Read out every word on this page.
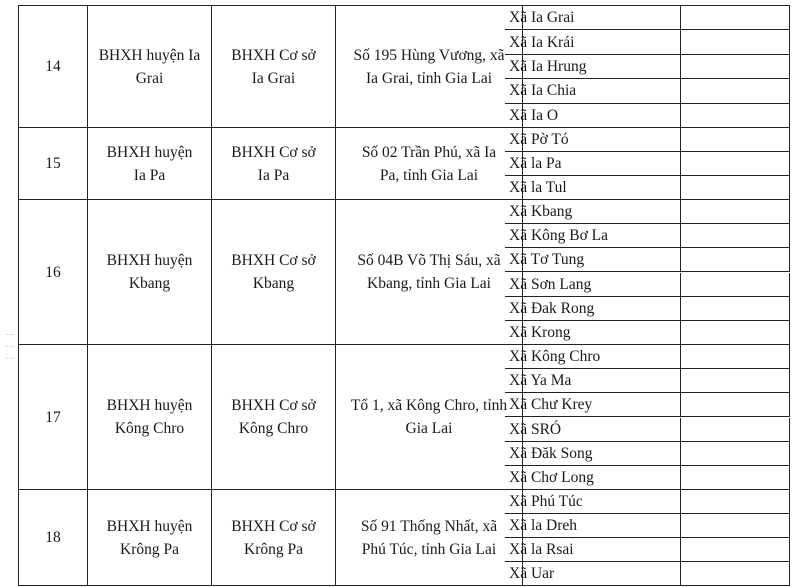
14
BHXH huyện Ia
Grai
BHXH Cơ sở
Ia Grai
Số 195 Hùng Vương, xã
Ia Grai, tỉnh Gia Lai
Xã Ia Grai
Xã Ia Krái
Xã Ia Hrung
Xã Ia Chia
Xã Ia O
15
BHXH huyện
Ia Pa
BHXH Cơ sở
Ia Pa
Số 02 Trần Phú, xã Ia
Pa, tỉnh Gia Lai
Xã Pờ Tó
Xã la Pa
Xã la Tul
16
BHXH huyện
Kbang
BHXH Cơ sở
Kbang
Số 04B Võ Thị Sáu, xã
Kbang, tỉnh Gia Lai
Xã Kbang
Xã Kông Bơ La
Xã Tơ Tung
Xã Sơn Lang
Xã Đak Rong
Xã Krong
17
BHXH huyện
Kông Chro
BHXH Cơ sở
Kông Chro
Tổ 1, xã Kông Chro, tỉnh
Gia Lai
Xã Kông Chro
Xã Ya Ma
Xã Chư Krey
Xã SRÓ
Xã Đăk Song
Xã Chơ Long
18
BHXH huyện
Krông Pa
BHXH Cơ sở
Krông Pa
Số 91 Thống Nhất, xã
Phú Túc, tỉnh Gia Lai
Xã Phú Túc
Xã la Dreh
Xã la Rsai
Xã Uar
⋮ ⋮ ⋮
